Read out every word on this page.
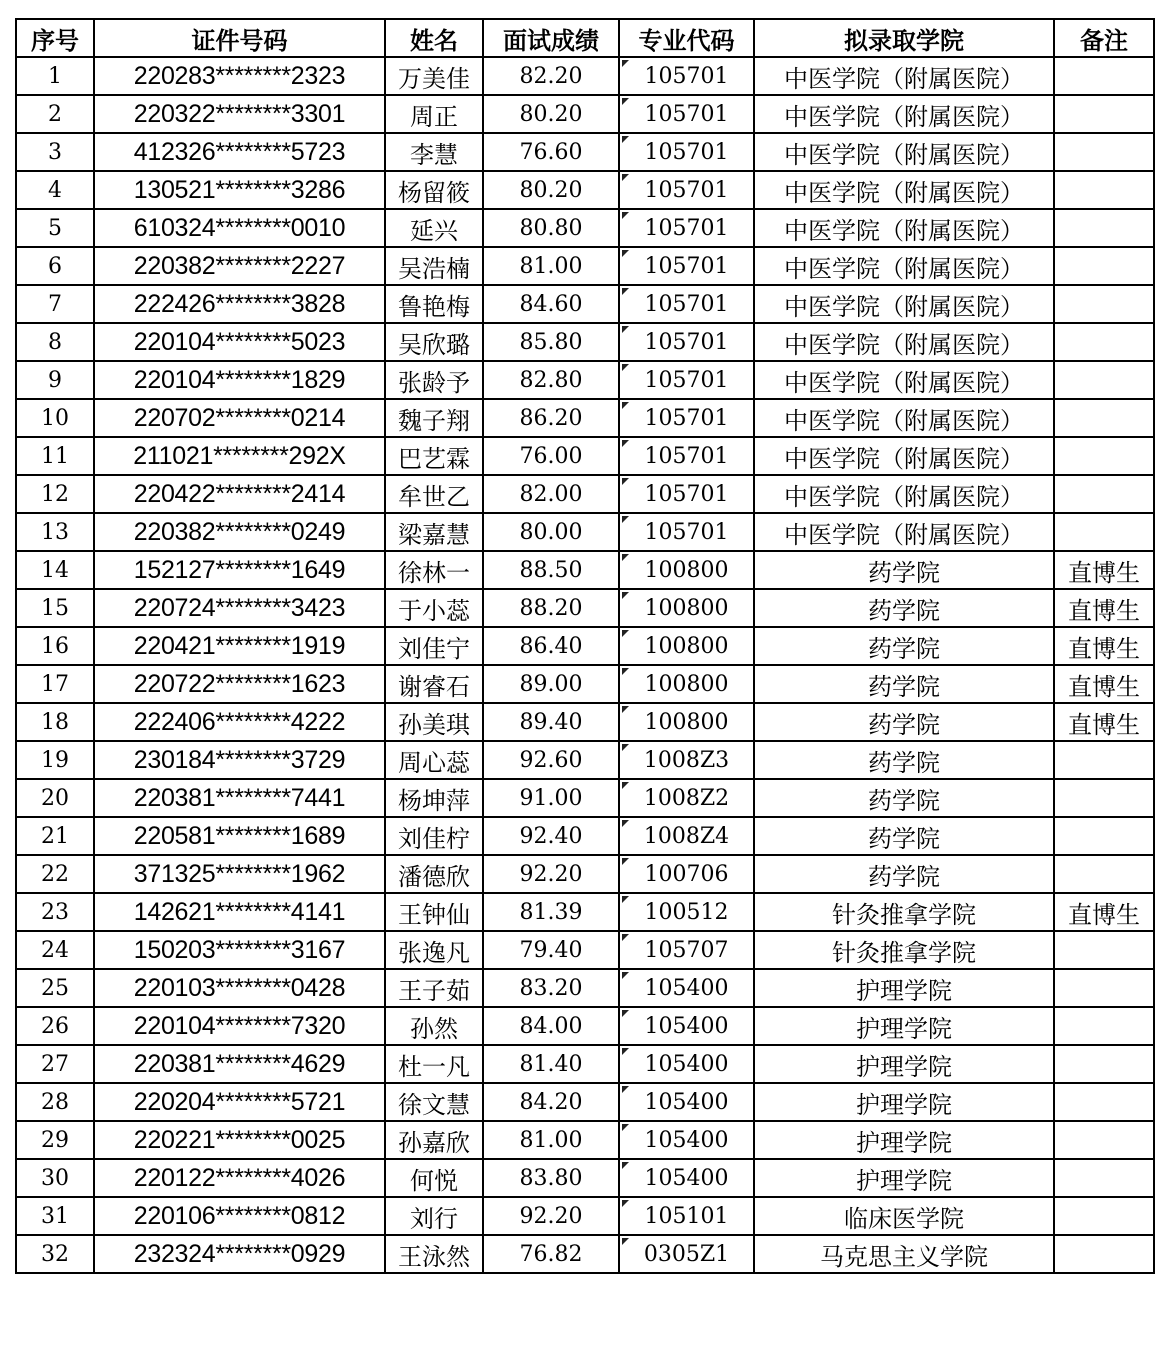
序号	证件号码	姓名	面试成绩	专业代码	拟录取学院	备注
1	220283********2323	万美佳	82.20	105701	中医学院（附属医院）	
2	220322********3301	周正	80.20	105701	中医学院（附属医院）	
3	412326********5723	李慧	76.60	105701	中医学院（附属医院）	
4	130521********3286	杨留筱	80.20	105701	中医学院（附属医院）	
5	610324********0010	延兴	80.80	105701	中医学院（附属医院）	
6	220382********2227	吴浩楠	81.00	105701	中医学院（附属医院）	
7	222426********3828	鲁艳梅	84.60	105701	中医学院（附属医院）	
8	220104********5023	吴欣璐	85.80	105701	中医学院（附属医院）	
9	220104********1829	张龄予	82.80	105701	中医学院（附属医院）	
10	220702********0214	魏子翔	86.20	105701	中医学院（附属医院）	
11	211021********292X	巴艺霖	76.00	105701	中医学院（附属医院）	
12	220422********2414	牟世乙	82.00	105701	中医学院（附属医院）	
13	220382********0249	梁嘉慧	80.00	105701	中医学院（附属医院）	
14	152127********1649	徐林一	88.50	100800	药学院	直博生
15	220724********3423	于小蕊	88.20	100800	药学院	直博生
16	220421********1919	刘佳宁	86.40	100800	药学院	直博生
17	220722********1623	谢睿石	89.00	100800	药学院	直博生
18	222406********4222	孙美琪	89.40	100800	药学院	直博生
19	230184********3729	周心蕊	92.60	1008Z3	药学院	
20	220381********7441	杨坤萍	91.00	1008Z2	药学院	
21	220581********1689	刘佳柠	92.40	1008Z4	药学院	
22	371325********1962	潘德欣	92.20	100706	药学院	
23	142621********4141	王钟仙	81.39	100512	针灸推拿学院	直博生
24	150203********3167	张逸凡	79.40	105707	针灸推拿学院	
25	220103********0428	王子茹	83.20	105400	护理学院	
26	220104********7320	孙然	84.00	105400	护理学院	
27	220381********4629	杜一凡	81.40	105400	护理学院	
28	220204********5721	徐文慧	84.20	105400	护理学院	
29	220221********0025	孙嘉欣	81.00	105400	护理学院	
30	220122********4026	何悦	83.80	105400	护理学院	
31	220106********0812	刘行	92.20	105101	临床医学院	
32	232324********0929	王泳然	76.82	0305Z1	马克思主义学院	
